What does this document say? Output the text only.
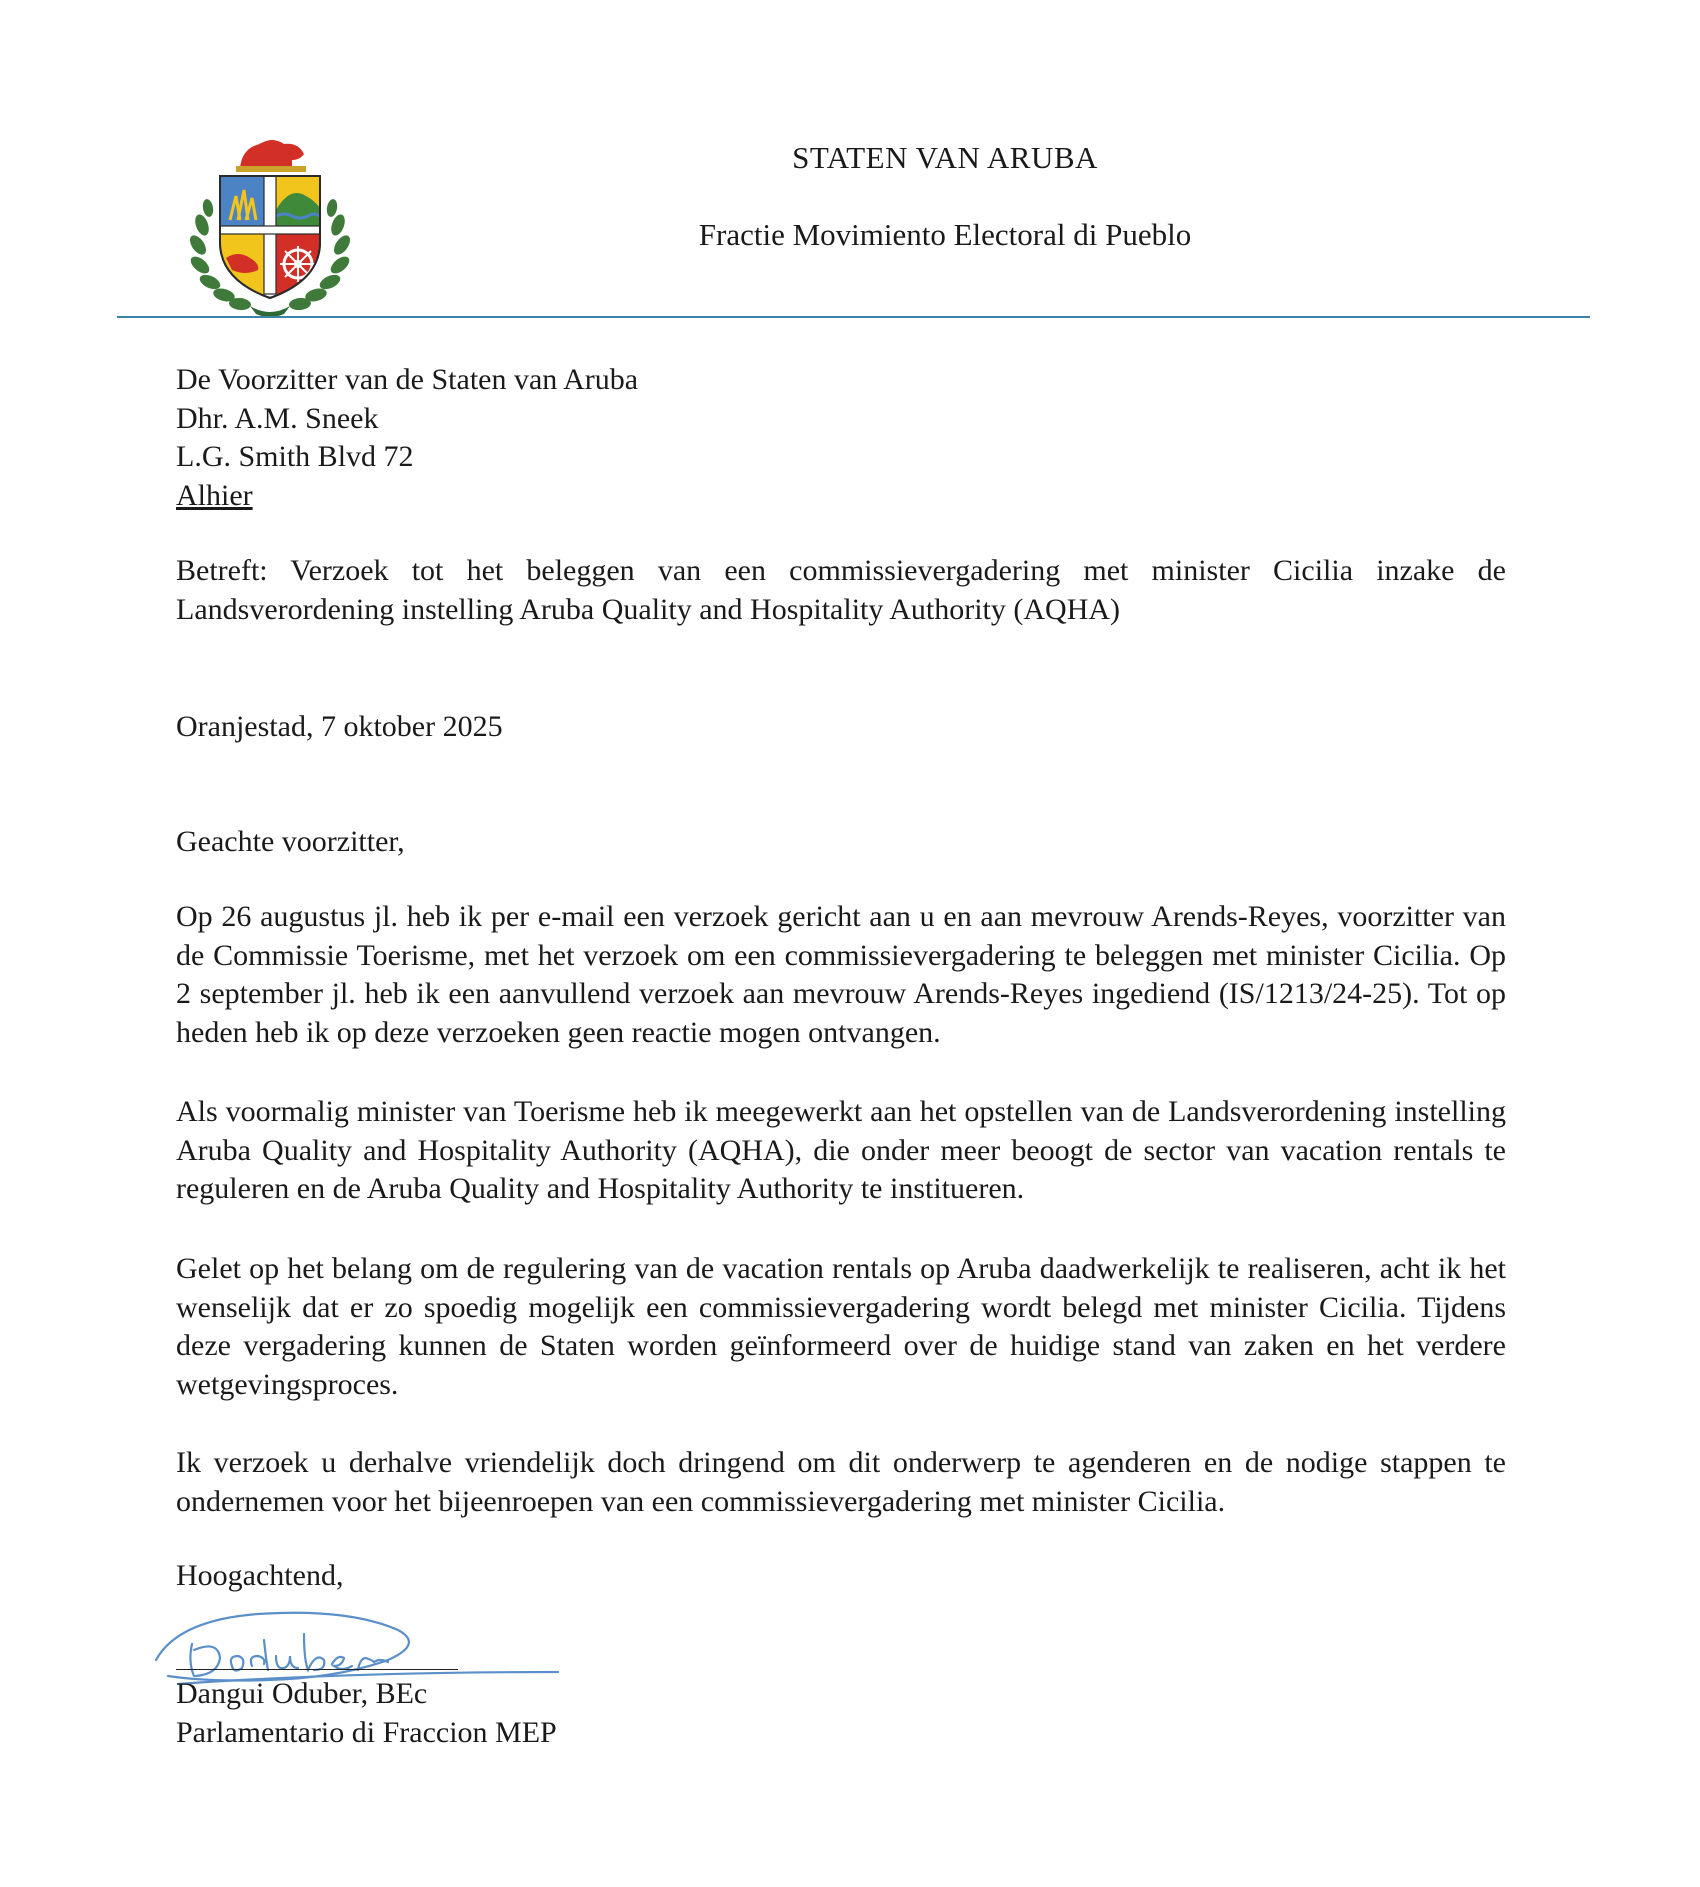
STATEN VAN ARUBA
Fractie Movimiento Electoral di Pueblo
De Voorzitter van de Staten van Aruba
Dhr. A.M. Sneek
L.G. Smith Blvd 72
Alhier
Betreft: Verzoek tot het beleggen van een commissievergadering met minister Cicilia inzake de Landsverordening instelling Aruba Quality and Hospitality Authority (AQHA)
Oranjestad, 7 oktober 2025
Geachte voorzitter,
Op 26 augustus jl. heb ik per e-mail een verzoek gericht aan u en aan mevrouw Arends-Reyes, voorzitter van de Commissie Toerisme, met het verzoek om een commissievergadering te beleggen met minister Cicilia. Op 2 september jl. heb ik een aanvullend verzoek aan mevrouw Arends-Reyes ingediend (IS/1213/24-25). Tot op heden heb ik op deze verzoeken geen reactie mogen ontvangen.
Als voormalig minister van Toerisme heb ik meegewerkt aan het opstellen van de Landsverordening instelling Aruba Quality and Hospitality Authority (AQHA), die onder meer beoogt de sector van vacation rentals te reguleren en de Aruba Quality and Hospitality Authority te institueren.
Gelet op het belang om de regulering van de vacation rentals op Aruba daadwerkelijk te realiseren, acht ik het wenselijk dat er zo spoedig mogelijk een commissievergadering wordt belegd met minister Cicilia. Tijdens deze vergadering kunnen de Staten worden geïnformeerd over de huidige stand van zaken en het verdere wetgevingsproces.
Ik verzoek u derhalve vriendelijk doch dringend om dit onderwerp te agenderen en de nodige stappen te ondernemen voor het bijeenroepen van een commissievergadering met minister Cicilia.
Hoogachtend,
Dangui Oduber, BEc
Parlamentario di Fraccion MEP
